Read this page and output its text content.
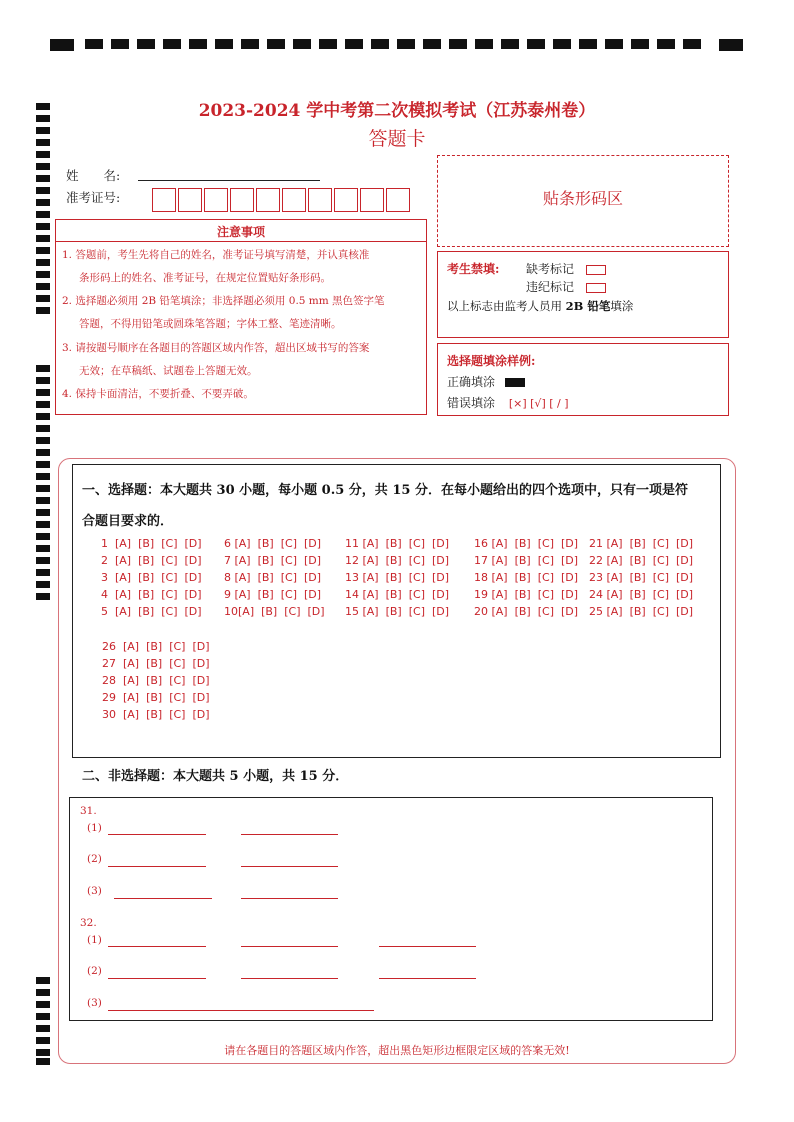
2023-2024 学中考第二次模拟考试（江苏泰州卷）
答题卡
姓　　名:
准考证号:	贴条形码区
注意事项
1. 答题前，考生先将自己的姓名，准考证号填写清楚，并认真核准
条形码上的姓名、准考证号，在规定位置贴好条形码。
2. 选择题必须用 2B 铅笔填涂；非选择题必须用 0.5 mm 黑色签字笔
答题，不得用铅笔或圆珠笔答题；字体工整、笔迹清晰。
3. 请按题号顺序在各题目的答题区域内作答，超出区域书写的答案
无效；在草稿纸、试题卷上答题无效。
4. 保持卡面清洁，不要折叠、不要弄破。
考生禁填: 缺考标记
违纪标记
以上标志由监考人员用 2B 铅笔填涂
选择题填涂样例:
正确填涂
错误填涂 [×] [√] [ / ]
一、选择题：本大题共 30 小题，每小题 0.5 分，共 15 分．在每小题给出的四个选项中，只有一项是符
合题目要求的．
1  [A]  [B]  [C]  [D]
2  [A]  [B]  [C]  [D]
3  [A]  [B]  [C]  [D]
4  [A]  [B]  [C]  [D]
5  [A]  [B]  [C]  [D]
6 [A]  [B]  [C]  [D]
7 [A]  [B]  [C]  [D]
8 [A]  [B]  [C]  [D]
9 [A]  [B]  [C]  [D]
10[A]  [B]  [C]  [D]
11 [A]  [B]  [C]  [D]
12 [A]  [B]  [C]  [D]
13 [A]  [B]  [C]  [D]
14 [A]  [B]  [C]  [D]
15 [A]  [B]  [C]  [D]
16 [A]  [B]  [C]  [D]
17 [A]  [B]  [C]  [D]
18 [A]  [B]  [C]  [D]
19 [A]  [B]  [C]  [D]
20 [A]  [B]  [C]  [D]
21 [A]  [B]  [C]  [D]
22 [A]  [B]  [C]  [D]
23 [A]  [B]  [C]  [D]
24 [A]  [B]  [C]  [D]
25 [A]  [B]  [C]  [D]
26  [A]  [B]  [C]  [D]
27  [A]  [B]  [C]  [D]
28  [A]  [B]  [C]  [D]
29  [A]  [B]  [C]  [D]
30  [A]  [B]  [C]  [D]
二、非选择题：本大题共 5 小题，共 15 分．
31.
(1)
(2)
(3)
32.
(1)
(2)
(3)
请在各题目的答题区域内作答，超出黑色矩形边框限定区域的答案无效!
